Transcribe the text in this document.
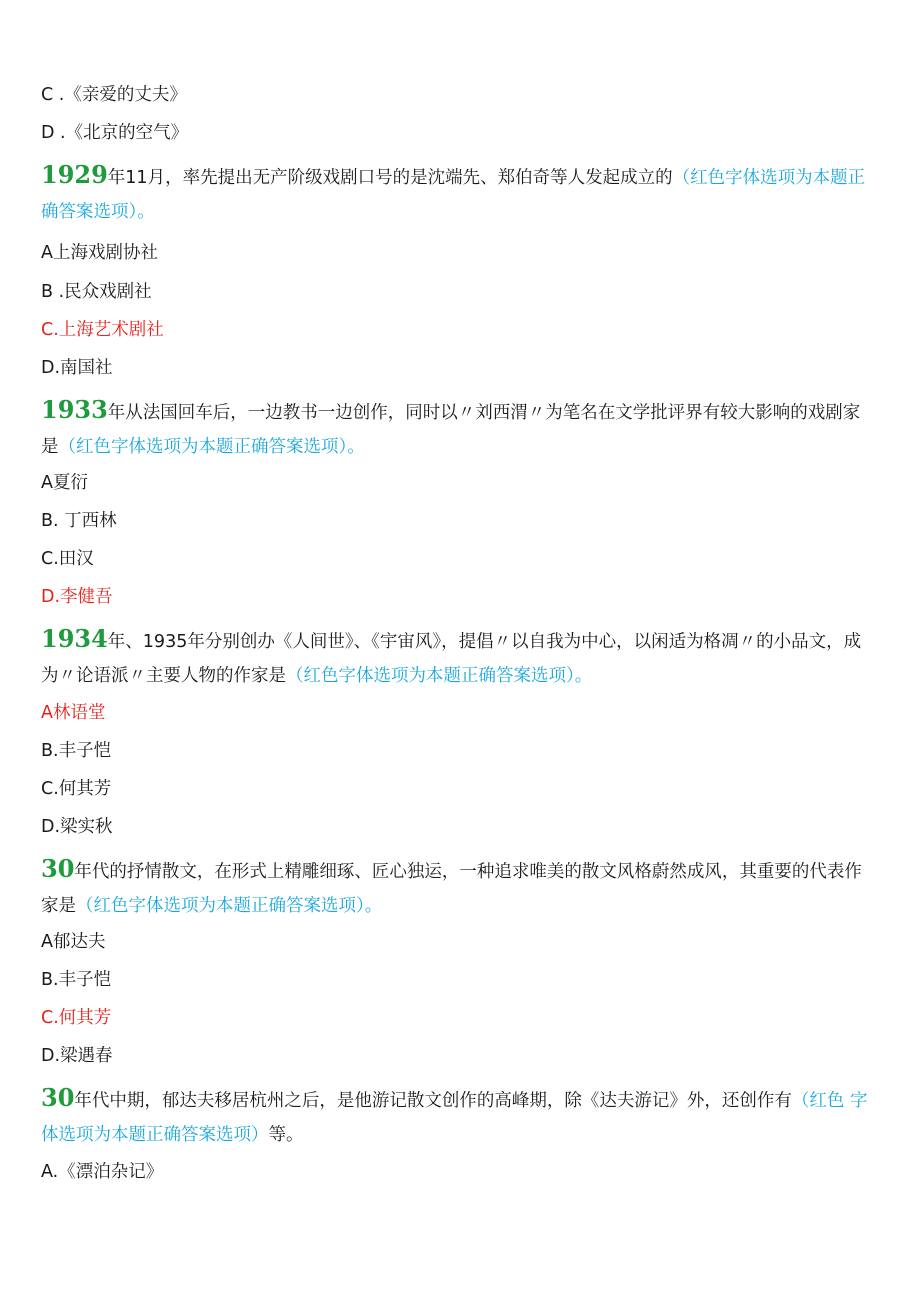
C .《亲爱的丈夫》
D .《北京的空气》
1929年11月，率先提出无产阶级戏剧口号的是沈端先、郑伯奇等人发起成立的（红色字体选项为本题正确答案选项）。
A上海戏剧协社
B .民众戏剧社
C.上海艺术剧社
D.南国社
1933年从法国回车后，一边教书一边创作，同时以〃刘西渭〃为笔名在文学批评界有较大影响的戏剧家是（红色字体选项为本题正确答案选项）。
A夏衍
B. 丁西林
C.田汉
D.李健吾
1934年、1935年分别创办《人间世》、《宇宙风》，提倡〃以自我为中心，以闲适为格凋〃的小品文，成为〃论语派〃主要人物的作家是（红色字体选项为本题正确答案选项）。
A林语堂
B.丰子恺
C.何其芳
D.梁实秋
30年代的抒情散文，在形式上精雕细琢、匠心独运，一种追求唯美的散文风格蔚然成风，其重要的代表作家是（红色字体选项为本题正确答案选项）。
A郁达夫
B.丰子恺
C.何其芳
D.梁遇春
30年代中期，郁达夫移居杭州之后，是他游记散文创作的高峰期，除《达夫游记》外，还创作有（红色 字体选项为本题正确答案选项）等。
A.《漂泊杂记》
